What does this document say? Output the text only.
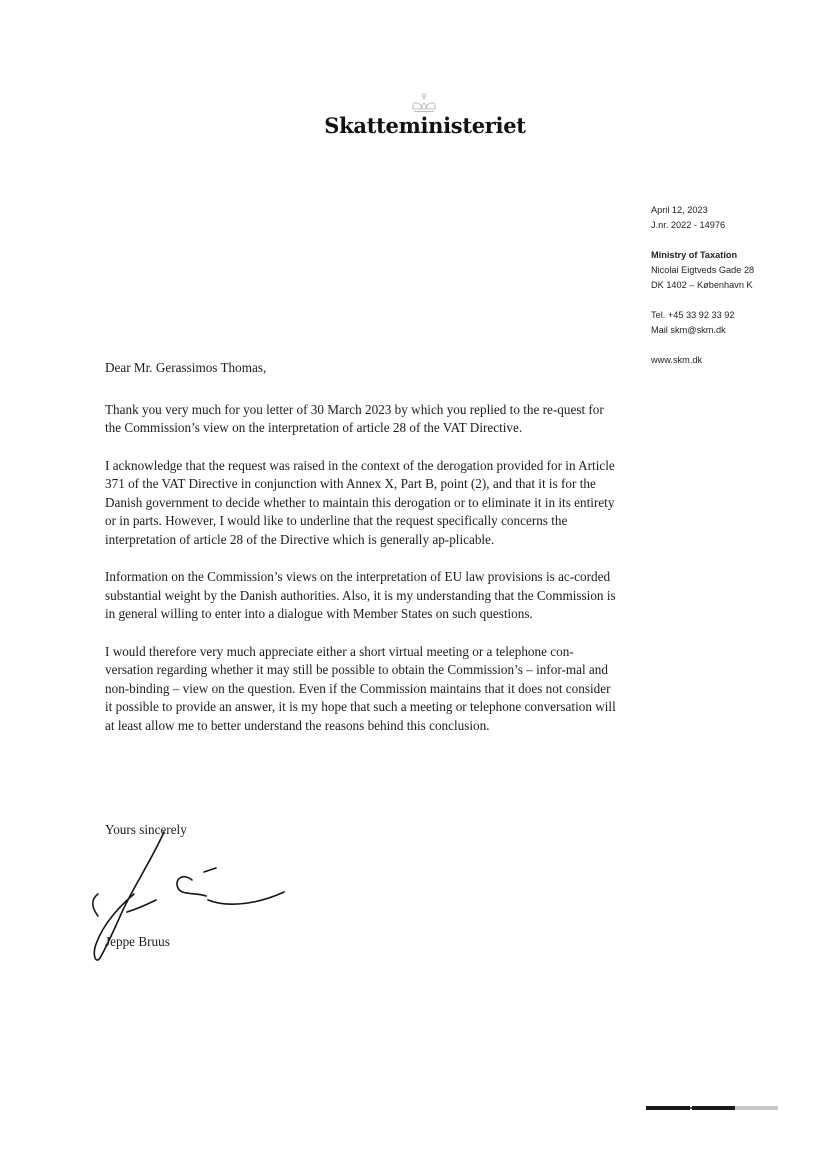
Skatteministeriet
April 12, 2023
J.nr. 2022 - 14976
Ministry of Taxation
Nicolai Eigtveds Gade 28
DK 1402 – København K
Tel. +45 33 92 33 92
Mail skm@skm.dk
www.skm.dk

Dear Mr. Gerassimos Thomas,

Thank you very much for you letter of 30 March 2023 by which you replied to the re-quest for the Commission’s view on the interpretation of article 28 of the VAT Directive.

I acknowledge that the request was raised in the context of the derogation provided for in Article 371 of the VAT Directive in conjunction with Annex X, Part B, point (2), and that it is for the Danish government to decide whether to maintain this derogation or to eliminate it in its entirety or in parts. However, I would like to underline that the request specifically concerns the interpretation of article 28 of the Directive which is generally ap-plicable.

Information on the Commission’s views on the interpretation of EU law provisions is ac-corded substantial weight by the Danish authorities. Also, it is my understanding that the Commission is in general willing to enter into a dialogue with Member States on such questions.

I would therefore very much appreciate either a short virtual meeting or a telephone con-versation regarding whether it may still be possible to obtain the Commission’s – infor-mal and non-binding – view on the question. Even if the Commission maintains that it does not consider it possible to provide an answer, it is my hope that such a meeting or telephone conversation will at least allow me to better understand the reasons behind this conclusion.

Yours sincerely
Jeppe Bruus
